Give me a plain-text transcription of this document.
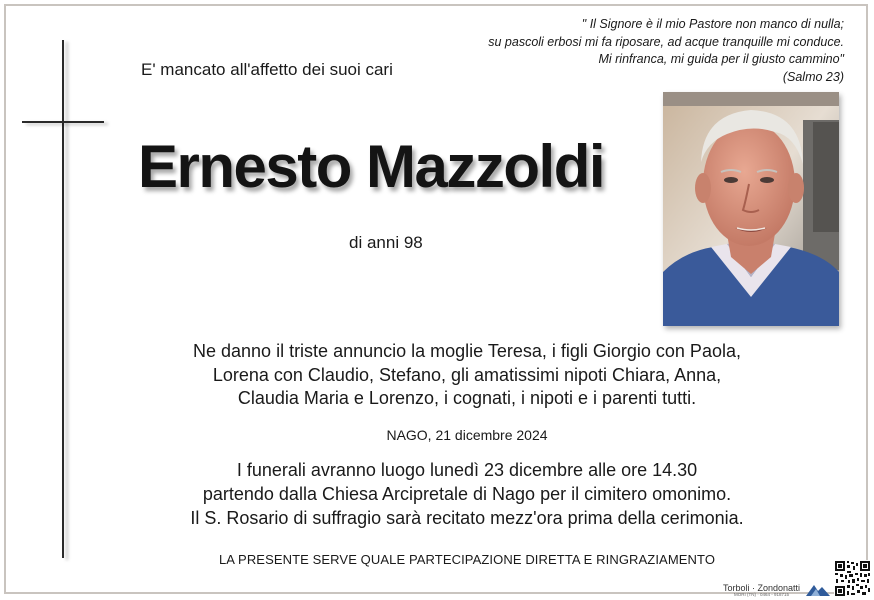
" Il Signore è il mio Pastore non manco di nulla;
su pascoli erbosi mi fa riposare, ad acque tranquille mi conduce.
Mi rinfranca, mi guida per il giusto cammino"
(Salmo 23)
E' mancato all'affetto dei suoi cari
Ernesto Mazzoldi
di anni 98
Ne danno il triste annuncio la moglie Teresa, i figli Giorgio con Paola,
Lorena con Claudio, Stefano, gli amatissimi nipoti Chiara, Anna,
Claudia Maria e Lorenzo, i cognati, i nipoti e i parenti tutti.
NAGO, 21 dicembre 2024
I funerali avranno luogo lunedì 23 dicembre alle ore 14.30
partendo dalla Chiesa Arcipretale di Nago per il cimitero omonimo.
Il S. Rosario di suffragio sarà recitato mezz'ora prima della cerimonia.
LA PRESENTE SERVE QUALE PARTECIPAZIONE DIRETTA E RINGRAZIAMENTO
Torboli · Zondonatti
MORI (TN) · 0464 - 918715
